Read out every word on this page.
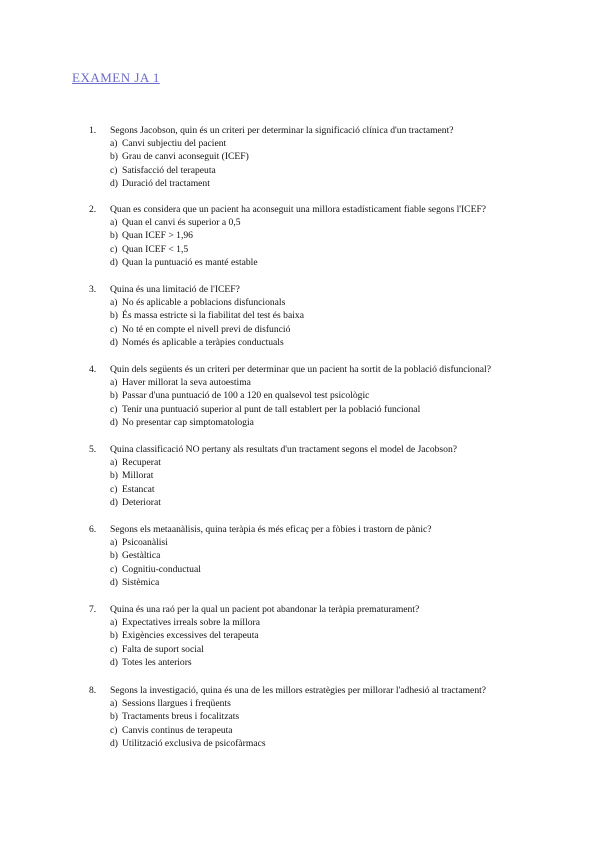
EXAMEN JA 1
1. Segons Jacobson, quin és un criteri per determinar la significació clínica d'un tractament?
a) Canvi subjectiu del pacient
b) Grau de canvi aconseguit (ICEF)
c) Satisfacció del terapeuta
d) Duració del tractament
2. Quan es considera que un pacient ha aconseguit una millora estadísticament fiable segons l'ICEF?
a) Quan el canvi és superior a 0,5
b) Quan ICEF > 1,96
c) Quan ICEF < 1,5
d) Quan la puntuació es manté estable
3. Quina és una limitació de l'ICEF?
a) No és aplicable a poblacions disfuncionals
b) És massa estricte si la fiabilitat del test és baixa
c) No té en compte el nivell previ de disfunció
d) Només és aplicable a teràpies conductuals
4. Quin dels següents és un criteri per determinar que un pacient ha sortit de la població disfuncional?
a) Haver millorat la seva autoestima
b) Passar d'una puntuació de 100 a 120 en qualsevol test psicològic
c) Tenir una puntuació superior al punt de tall establert per la població funcional
d) No presentar cap simptomatologia
5. Quina classificació NO pertany als resultats d'un tractament segons el model de Jacobson?
a) Recuperat
b) Millorat
c) Estancat
d) Deteriorat
6. Segons els metaanàlisis, quina teràpia és més eficaç per a fòbies i trastorn de pànic?
a) Psicoanàlisi
b) Gestàltica
c) Cognitiu-conductual
d) Sistèmica
7. Quina és una raó per la qual un pacient pot abandonar la teràpia prematurament?
a) Expectatives irreals sobre la millora
b) Exigències excessives del terapeuta
c) Falta de suport social
d) Totes les anteriors
8. Segons la investigació, quina és una de les millors estratègies per millorar l'adhesió al tractament?
a) Sessions llargues i freqüents
b) Tractaments breus i focalitzats
c) Canvis continus de terapeuta
d) Utilització exclusiva de psicofàrmacs
